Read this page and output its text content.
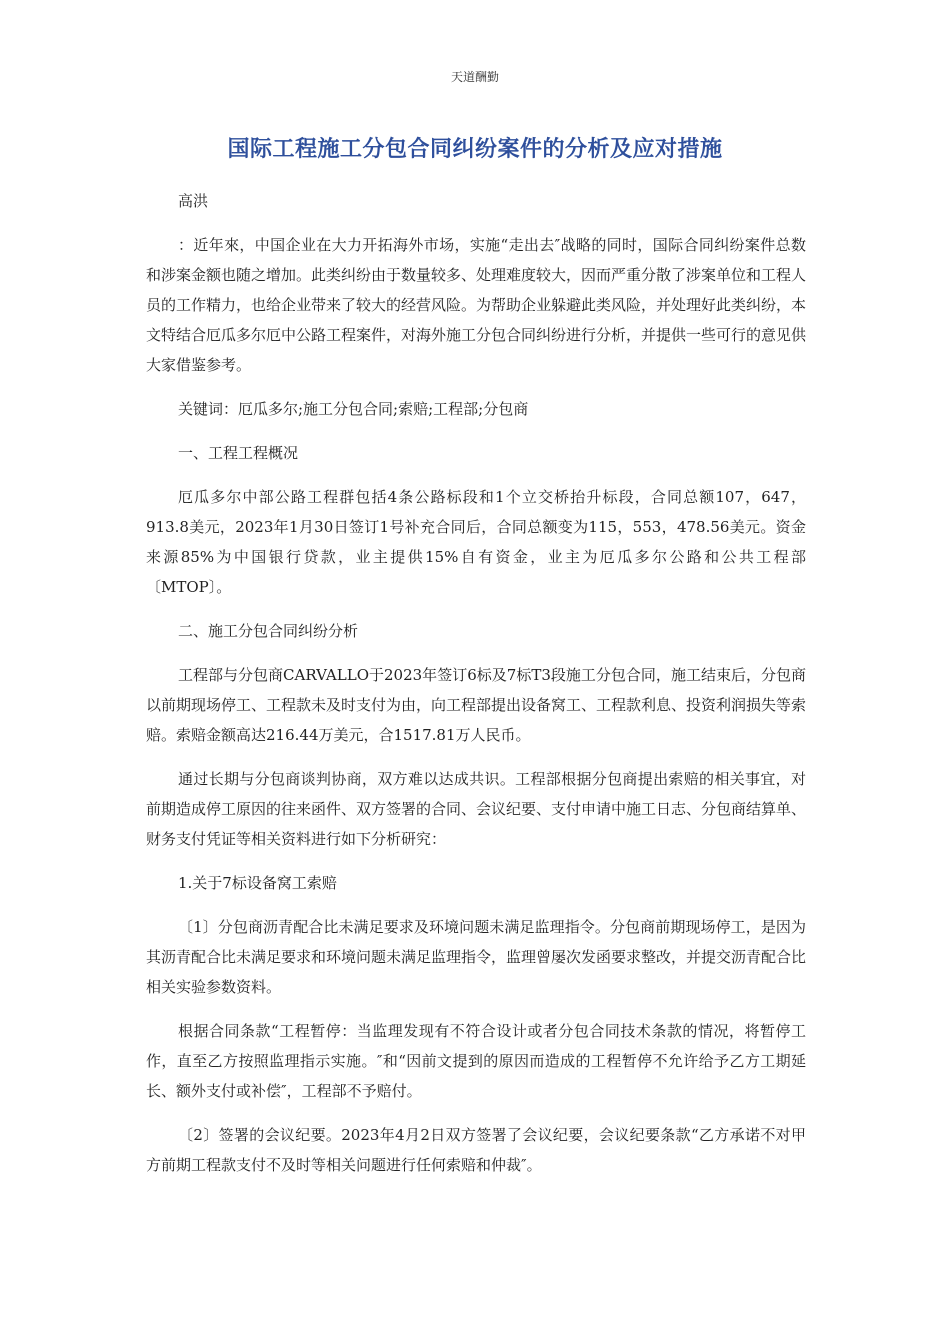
天道酬勤
国际工程施工分包合同纠纷案件的分析及应对措施

高洪

：近年來，中国企业在大力开拓海外市场，实施“走出去″战略的同时，国际合同纠纷案件总数和涉案金额也随之增加。此类纠纷由于数量较多、处理难度较大，因而严重分散了涉案单位和工程人员的工作精力，也给企业带来了较大的经营风险。为帮助企业躲避此类风险，并处理好此类纠纷，本文特结合厄瓜多尔厄中公路工程案件，对海外施工分包合同纠纷进行分析，并提供一些可行的意见供大家借鉴参考。

关键词：厄瓜多尔;施工分包合同;索赔;工程部;分包商

一、工程工程概况

厄瓜多尔中部公路工程群包括4条公路标段和1个立交桥抬升标段，合同总额107，647，913.8美元，2023年1月30日签订1号补充合同后，合同总额变为115，553，478.56美元。资金来源85%为中国银行贷款，业主提供15%自有资金，业主为厄瓜多尔公路和公共工程部〔MTOP〕。

二、施工分包合同纠纷分析

工程部与分包商CARVALLO于2023年签订6标及7标T3段施工分包合同，施工结束后，分包商以前期现场停工、工程款未及时支付为由，向工程部提出设备窝工、工程款利息、投资利润损失等索赔。索赔金额高达216.44万美元，合1517.81万人民币。

通过长期与分包商谈判协商，双方难以达成共识。工程部根据分包商提出索赔的相关事宜，对前期造成停工原因的往来函件、双方签署的合同、会议纪要、支付申请中施工日志、分包商结算单、财务支付凭证等相关资料进行如下分析研究：

1.关于7标设备窝工索赔

〔1〕分包商沥青配合比未满足要求及环境问题未满足监理指令。分包商前期现场停工，是因为其沥青配合比未满足要求和环境问题未满足监理指令，监理曾屡次发函要求整改，并提交沥青配合比相关实验参数资料。

根据合同条款“工程暂停：当监理发现有不符合设计或者分包合同技术条款的情况，将暂停工作，直至乙方按照监理指示实施。″和“因前文提到的原因而造成的工程暂停不允许给予乙方工期延长、额外支付或补偿″，工程部不予赔付。

〔2〕签署的会议纪要。2023年4月2日双方签署了会议纪要，会议纪要条款“乙方承诺不对甲方前期工程款支付不及时等相关问题进行任何索赔和仲裁″。
